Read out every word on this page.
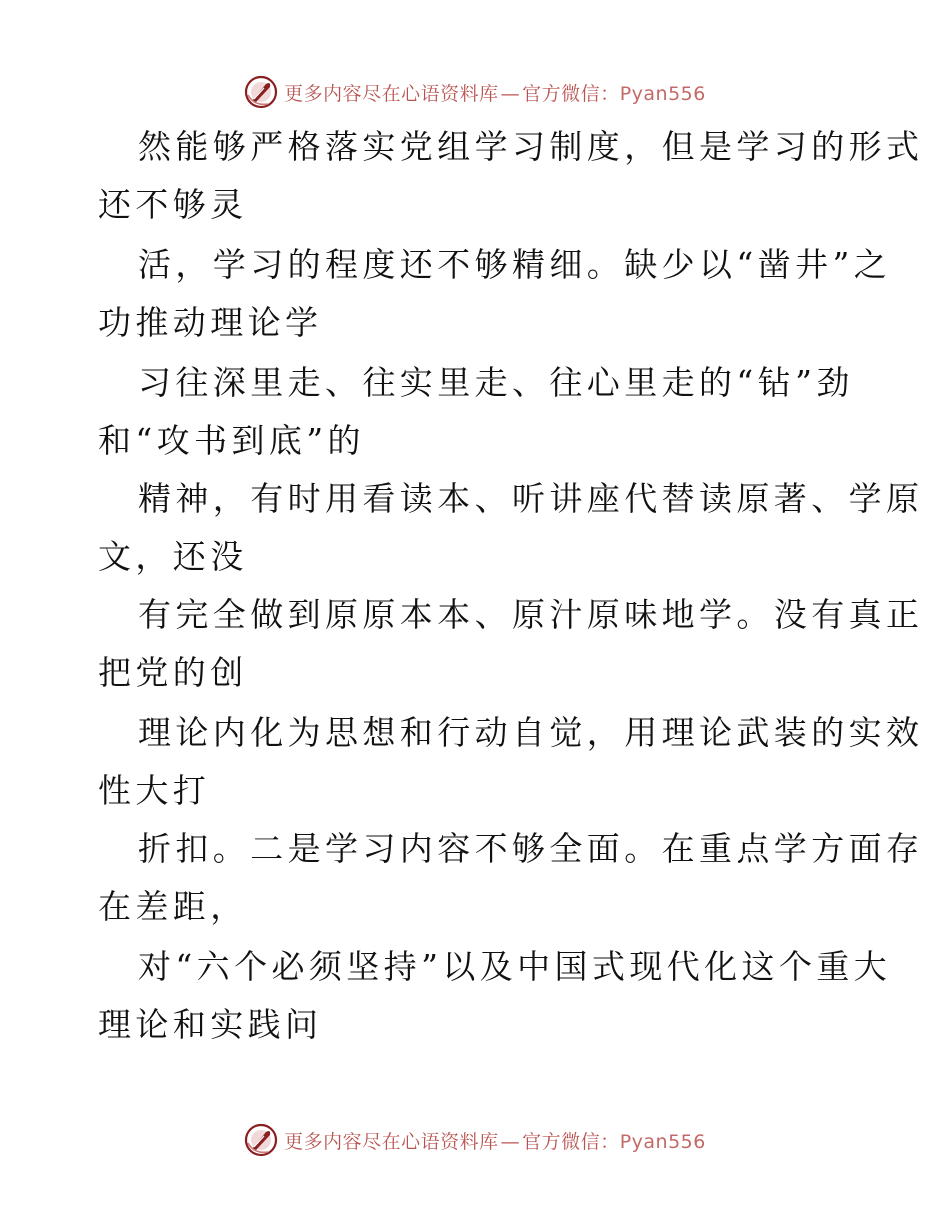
更多内容尽在心语资料库 — 官方微信：Pyan556
然能够严格落实党组学习制度，但是学习的形式
还不够灵
活，学习的程度还不够精细。缺少以“凿井”之
功推动理论学
习往深里走、往实里走、往心里走的“钻”劲
和“攻书到底”的
精神，有时用看读本、听讲座代替读原著、学原
文，还没
有完全做到原原本本、原汁原味地学。没有真正
把党的创
理论内化为思想和行动自觉，用理论武装的实效
性大打
折扣。二是学习内容不够全面。在重点学方面存
在差距，
对“六个必须坚持”以及中国式现代化这个重大
理论和实践问
更多内容尽在心语资料库 — 官方微信：Pyan556
